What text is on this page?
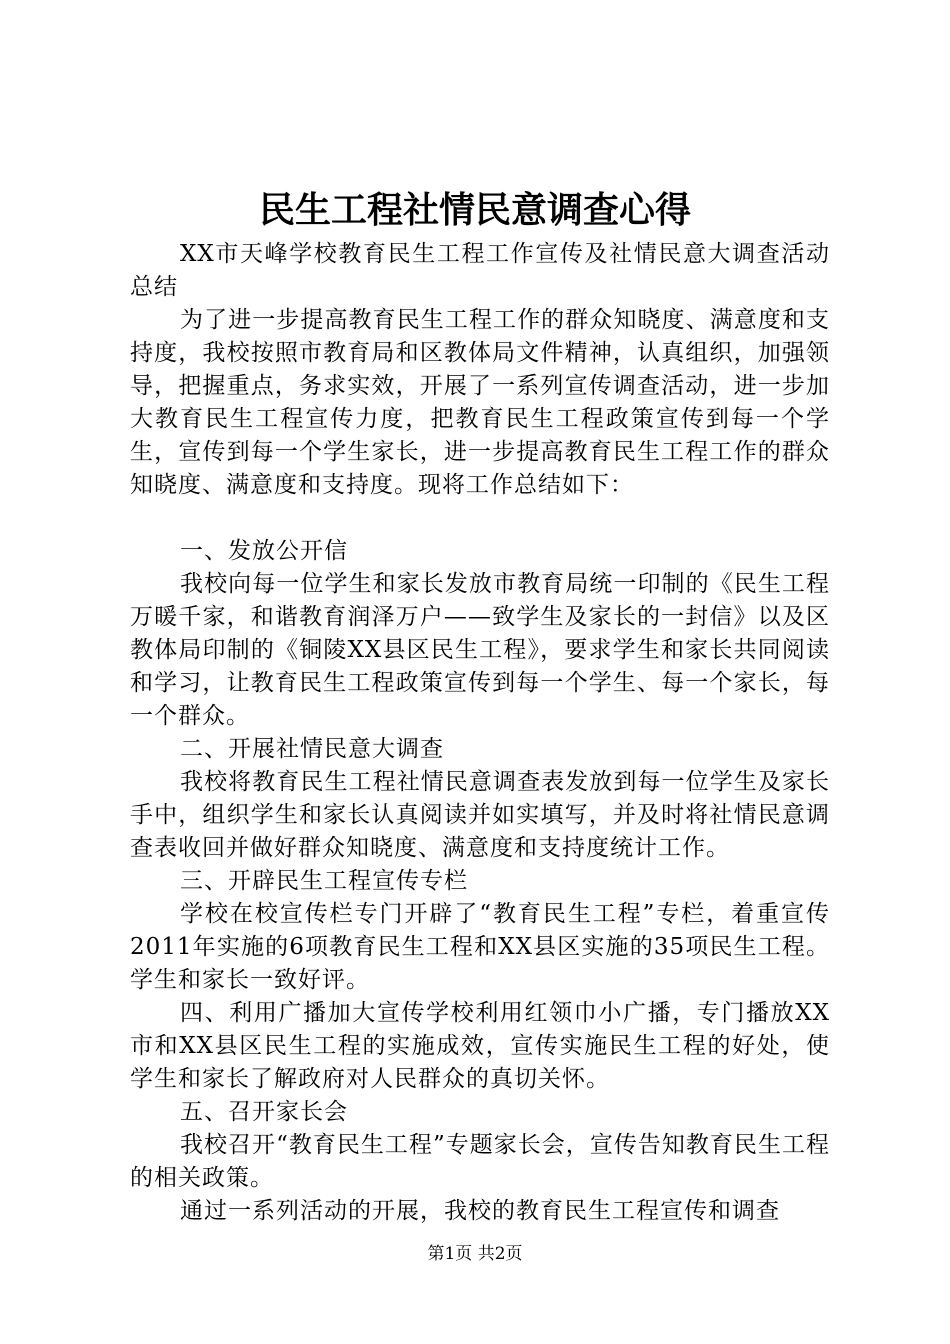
民生工程社情民意调查心得

XX市天峰学校教育民生工程工作宣传及社情民意大调查活动总结

为了进一步提高教育民生工程工作的群众知晓度、满意度和支持度，我校按照市教育局和区教体局文件精神，认真组织，加强领导，把握重点，务求实效，开展了一系列宣传调查活动，进一步加大教育民生工程宣传力度，把教育民生工程政策宣传到每一个学生，宣传到每一个学生家长，进一步提高教育民生工程工作的群众知晓度、满意度和支持度。现将工作总结如下：

一、发放公开信

我校向每一位学生和家长发放市教育局统一印制的《民生工程万暖千家，和谐教育润泽万户——致学生及家长的一封信》以及区教体局印制的《铜陵XX县区民生工程》，要求学生和家长共同阅读和学习，让教育民生工程政策宣传到每一个学生、每一个家长，每一个群众。

二、开展社情民意大调查

我校将教育民生工程社情民意调查表发放到每一位学生及家长手中，组织学生和家长认真阅读并如实填写，并及时将社情民意调查表收回并做好群众知晓度、满意度和支持度统计工作。

三、开辟民生工程宣传专栏

学校在校宣传栏专门开辟了“教育民生工程”专栏，着重宣传2011年实施的6项教育民生工程和XX县区实施的35项民生工程。学生和家长一致好评。

四、利用广播加大宣传学校利用红领巾小广播，专门播放XX市和XX县区民生工程的实施成效，宣传实施民生工程的好处，使学生和家长了解政府对人民群众的真切关怀。

五、召开家长会

我校召开“教育民生工程”专题家长会，宣传告知教育民生工程的相关政策。

通过一系列活动的开展，我校的教育民生工程宣传和调查

第1页 共2页
